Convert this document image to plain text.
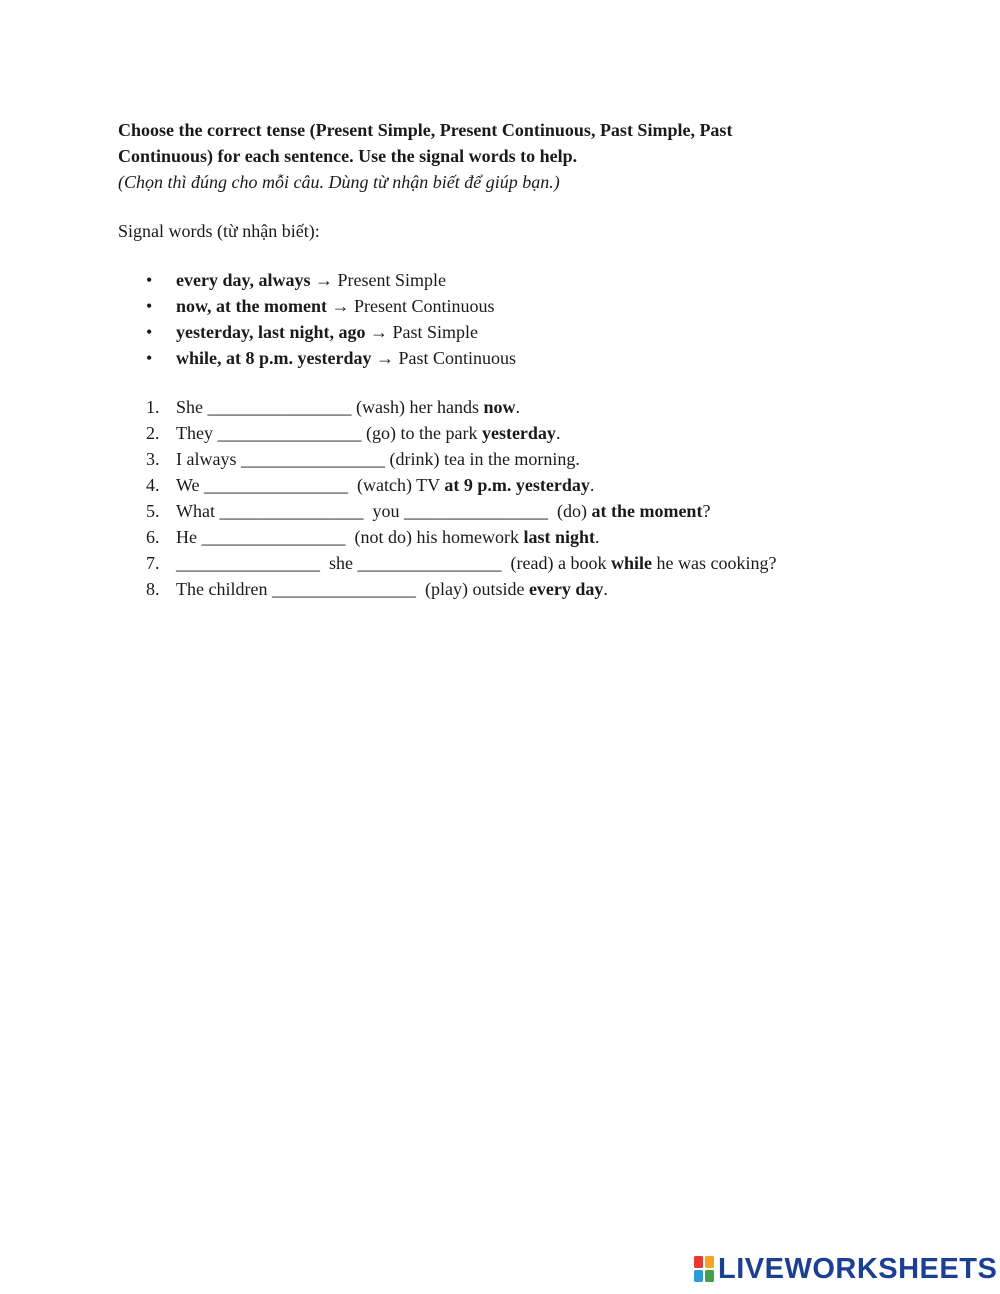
Choose the correct tense (Present Simple, Present Continuous, Past Simple, Past
Continuous) for each sentence. Use the signal words to help.

(Chọn thì đúng cho mỗi câu. Dùng từ nhận biết để giúp bạn.)

Signal words (từ nhận biết):

• every day, always → Present Simple
• now, at the moment → Present Continuous
• yesterday, last night, ago → Past Simple
• while, at 8 p.m. yesterday → Past Continuous
1. She ________________ (wash) her hands now.
2. They ________________ (go) to the park yesterday.
3. I always ________________ (drink) tea in the morning.
4. We ________________  (watch) TV at 9 p.m. yesterday.
5. What ________________  you ________________  (do) at the moment?
6. He ________________  (not do) his homework last night.
7. ________________  she ________________  (read) a book while he was cooking?
8. The children ________________  (play) outside every day.
LIVEWORKSHEETS
